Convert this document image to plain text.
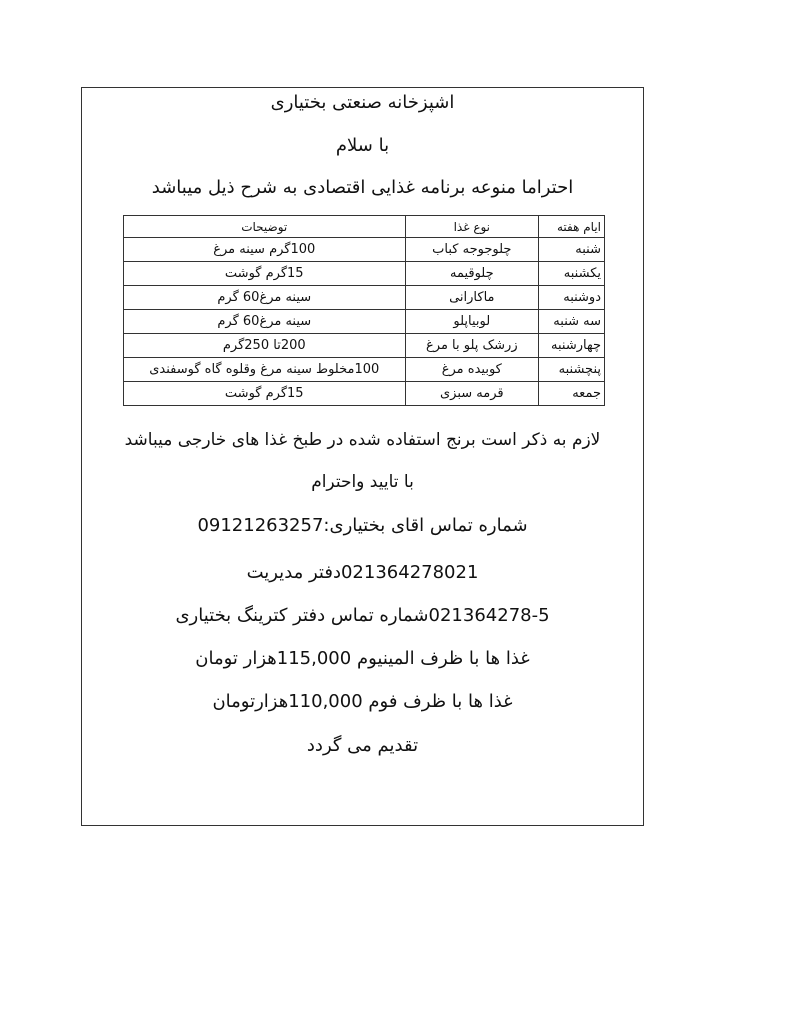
اشپزخانه صنعتی بختیاری
با سلام
احتراما منوعه برنامه غذایی اقتصادی به شرح ذیل میباشد
ایام هفته	نوع غذا	توضیحات
شنبه	چلوجوجه کباب	100گرم سینه مرغ
یکشنبه	چلوقیمه	15گرم گوشت
دوشنبه	ماکارانی	سینه مرغ60 گرم
سه شنبه	لوبیاپلو	سینه مرغ60 گرم
چهارشنبه	زرشک پلو با مرغ	200تا 250گرم
پنچشنبه	کوبیده مرغ	100مخلوط سینه مرغ وقلوه گاه گوسفندی
جمعه	قرمه سبزی	15گرم گوشت
لازم به ذکر است برنج استفاده شده در طبخ غذا های خارجی میباشد
با تایید واحترام
شماره تماس اقای بختیاری:09121263257
021364278021دفتر مدیریت
021364278-5شماره تماس دفتر کترینگ بختیاری
غذا ها با ظرف المینیوم 115,000هزار تومان
غذا ها با ظرف فوم 110,000هزارتومان
تقدیم می گردد
